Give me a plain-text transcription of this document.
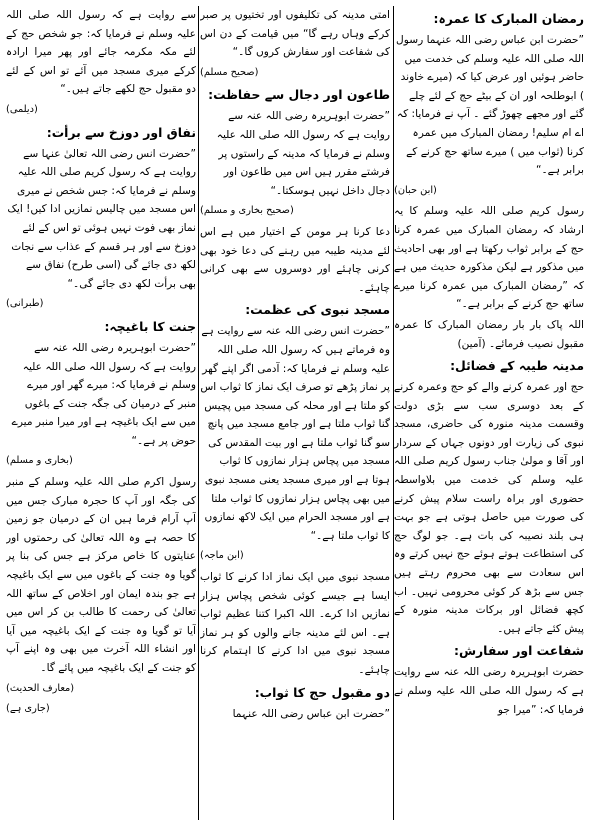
رمضان المبارک کا عمرہ:

”حضرت ابن عباس رضی اللہ عنہما رسول اللہ صلی اللہ علیہ وسلم کی خدمت میں حاضر ہوئیں اور عرض کیا کہ (میرے خاوند ) ابوطلحہ اور ان کے بیٹے حج کے لئے چلے گئے اور مجھے چھوڑ گئے ۔ آپ نے فرمایا: کہ اے ام سلیم! رمضان المبارک میں عمرہ کرنا (ثواب میں ) میرے ساتھ حج کرنے کے برابر ہے۔“

(ابن حبان)

رسول کریم صلی اللہ علیہ وسلم کا یہ ارشاد کہ رمضان المبارک میں عمرہ کرنا حج کے برابر ثواب رکھتا ہے اور بھی احادیث میں مذکور ہے لیکن مذکورہ حدیث میں ہے کہ ”رمضان المبارک میں عمرہ کرنا میرے ساتھ حج کرنے کے برابر ہے۔“

اللہ پاک بار بار رمضان المبارک کا عمرہ مقبول نصیب فرمائے۔ (آمین)

مدینہ طیبہ کے فضائل:

حج اور عمرہ کرنے والے کو حج وعمرہ کرنے کے بعد دوسری سب سے بڑی دولت وقسمت مدینہ منورہ کی حاضری، مسجد نبوی کی زیارت اور دونوں جہاں کے سردار اور آقا و مولیٰ جناب رسول کریم صلی اللہ علیہ وسلم کی خدمت میں بلاواسطہ حضوری اور براہ راست سلام پیش کرنے کی صورت میں حاصل ہوتی ہے جو بہت ہی بلند نصیبہ کی بات ہے۔ جو لوگ حج کی استطاعت ہوتے ہوئے حج نہیں کرتے وہ اس سعادت سے بھی محروم رہتے ہیں جس سے بڑھ کر کوئی محرومی نہیں۔ اب کچھ فضائل اور برکات مدینہ منورہ کے پیش کئے جاتے ہیں۔

شفاعت اور سفارش:

حضرت ابوہریرہ رضی اللہ عنہ سے روایت ہے کہ رسول اللہ صلی اللہ علیہ وسلم نے فرمایا کہ: ”میرا جو

امتی مدینہ کی تکلیفوں اور تختیوں پر صبر کرکے وہاں رہے گا“ میں قیامت کے دن اس کی شفاعت اور سفارش کروں گا۔“

(صحیح مسلم)

طاعون اور دجال سے حفاظت:

”حضرت ابوہریرہ رضی اللہ عنہ سے روایت ہے کہ رسول اللہ صلی اللہ علیہ وسلم نے فرمایا کہ مدینہ کے راستوں پر فرشتے مقرر ہیں اس میں طاعون اور دجال داخل نہیں ہوسکتا۔“

(صحیح بخاری و مسلم)

دعا کرنا ہر مومن کے اختیار میں ہے اس لئے مدینہ طیبہ میں رہنے کی دعا خود بھی کرنی چاہئے اور دوسروں سے بھی کرانی چاہئے۔

مسجد نبوی کی عظمت:

”حضرت انس رضی اللہ عنہ سے روایت ہے وہ فرماتے ہیں کہ رسول اللہ صلی اللہ علیہ وسلم نے فرمایا کہ: آدمی اگر اپنے گھر پر نماز پڑھے تو صرف ایک نماز کا ثواب اس کو ملتا ہے اور محلہ کی مسجد میں پچیس گنا ثواب ملتا ہے اور جامع مسجد میں پانچ سو گنا ثواب ملتا ہے اور بیت المقدس کی مسجد میں پچاس ہزار نمازوں کا ثواب ہوتا ہے اور میری مسجد یعنی مسجد نبوی میں بھی پچاس ہزار نمازوں کا ثواب ملتا ہے اور مسجد الحرام میں ایک لاکھ نمازوں کا ثواب ملتا ہے۔“

(ابن ماجہ)

مسجد نبوی میں ایک نماز ادا کرنے کا ثواب ایسا ہے جیسے کوئی شخص پچاس ہزار نمازیں ادا کرے۔ اللہ اکبرا کتنا عظیم ثواب ہے۔ اس لئے مدینہ جانے والوں کو ہر نماز مسجد نبوی میں ادا کرنے کا اہتمام کرنا چاہئے۔

دو مقبول حج کا ثواب:

”حضرت ابن عباس رضی اللہ عنہما

سے روایت ہے کہ رسول اللہ صلی اللہ علیہ وسلم نے فرمایا کہ: جو شخص حج کے لئے مکہ مکرمہ جائے اور پھر میرا ارادہ کرکے میری مسجد میں آئے تو اس کے لئے دو مقبول حج لکھے جاتے ہیں۔“

(دیلمی)

نفاق اور دوزخ سے برأت:

”حضرت انس رضی اللہ تعالیٰ عنہا سے روایت ہے کہ رسول کریم صلی اللہ علیہ وسلم نے فرمایا کہ: جس شخص نے میری اس مسجد میں چالیس نمازیں ادا کیں! ایک نماز بھی فوت نہیں ہوئی تو اس کے لئے دوزخ سے اور ہر قسم کے عذاب سے نجات لکھ دی جائے گی (اسی طرح) نفاق سے بھی برأت لکھ دی جائے گی۔“

(طبرانی)

جنت کا باغیچہ:

”حضرت ابوہریرہ رضی اللہ عنہ سے روایت ہے کہ رسول اللہ صلی اللہ علیہ وسلم نے فرمایا کہ: میرے گھر اور میرے منبر کے درمیان کی جگہ جنت کے باغوں میں سے ایک باغیچہ ہے اور میرا منبر میرے حوض پر ہے۔“

(بخاری و مسلم)

رسول اکرم صلی اللہ علیہ وسلم کے منبر کی جگہ اور آپ کا حجرہ مبارک جس میں آپ آرام فرما ہیں ان کے درمیان جو زمین کا حصہ ہے وہ اللہ تعالیٰ کی رحمتوں اور عنایتوں کا خاص مرکز ہے جس کی بنا پر گویا وہ جنت کے باغوں میں سے ایک باغیچہ ہے جو بندہ ایمان اور اخلاص کے ساتھ اللہ تعالیٰ کی رحمت کا طالب بن کر اس میں آیا تو گویا وہ جنت کے ایک باغیچہ میں آیا اور انشاء اللہ آخرت میں بھی وہ اپنے آپ کو جنت کے ایک باغیچہ میں پائے گا۔

(معارف الحدیث)

(جاری ہے)
